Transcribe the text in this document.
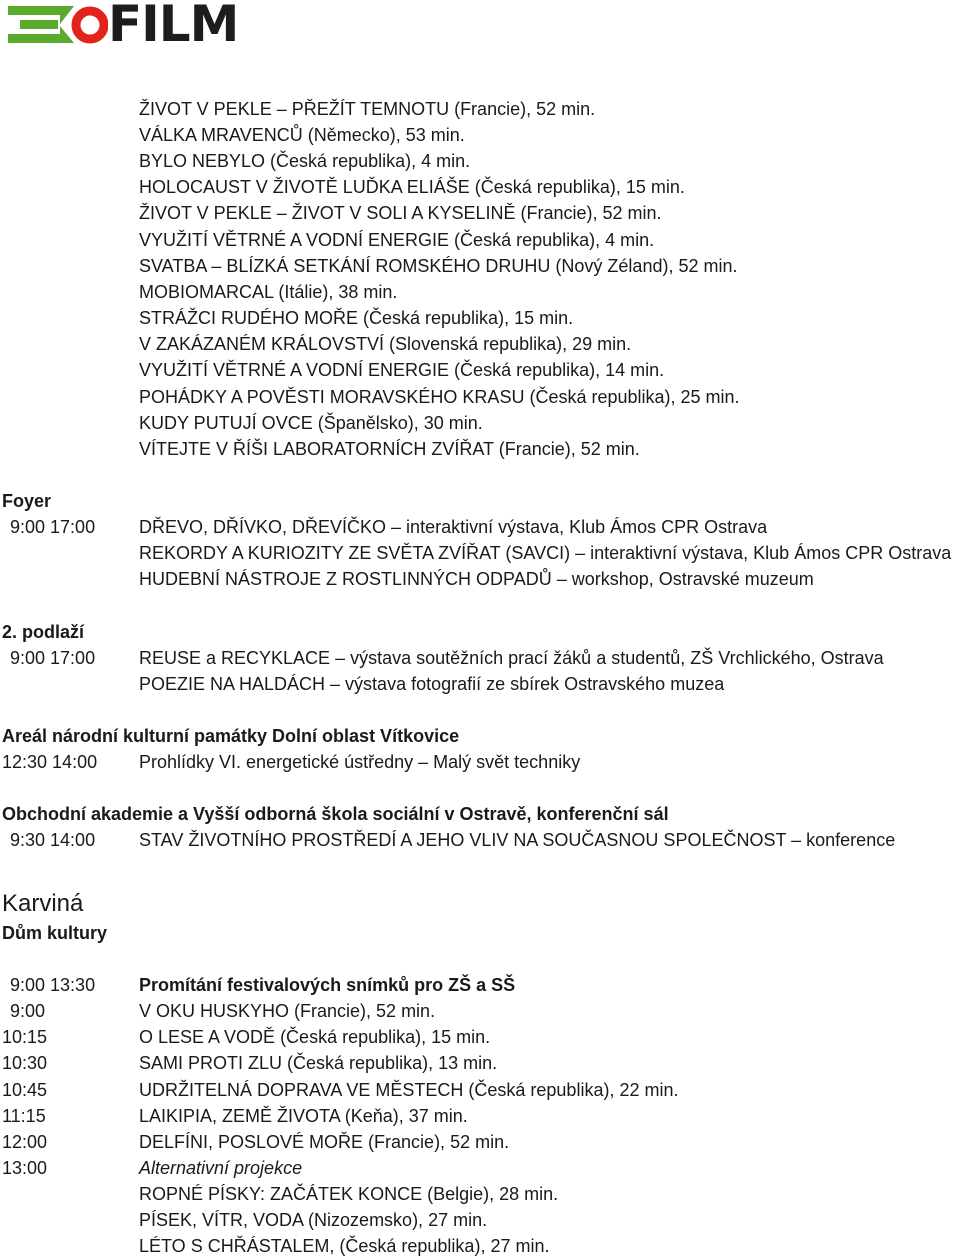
FILM
ŽIVOT V PEKLE – PŘEŽÍT TEMNOTU (Francie), 52 min.
VÁLKA MRAVENCŮ (Německo), 53 min.
BYLO NEBYLO (Česká republika), 4 min.
HOLOCAUST V ŽIVOTĚ LUĎKA ELIÁŠE (Česká republika), 15 min.
ŽIVOT V PEKLE – ŽIVOT V SOLI A KYSELINĚ (Francie), 52 min.
VYUŽITÍ VĚTRNÉ A VODNÍ ENERGIE (Česká republika), 4 min.
SVATBA – BLÍZKÁ SETKÁNÍ ROMSKÉHO DRUHU (Nový Zéland), 52 min.
MOBIOMARCAL (Itálie), 38 min.
STRÁŽCI RUDÉHO MOŘE (Česká republika), 15 min.
V ZAKÁZANÉM KRÁLOVSTVÍ (Slovenská republika), 29 min.
VYUŽITÍ VĚTRNÉ A VODNÍ ENERGIE (Česká republika), 14 min.
POHÁDKY A POVĚSTI MORAVSKÉHO KRASU (Česká republika), 25 min.
KUDY PUTUJÍ OVCE (Španělsko), 30 min.
VÍTEJTE V ŘÍŠI LABORATORNÍCH ZVÍŘAT (Francie), 52 min.
Foyer
9:00 17:00 DŘEVO, DŘÍVKO, DŘEVÍČKO – interaktivní výstava, Klub Ámos CPR Ostrava
REKORDY A KURIOZITY ZE SVĚTA ZVÍŘAT (SAVCI) – interaktivní výstava, Klub Ámos CPR Ostrava
HUDEBNÍ NÁSTROJE Z ROSTLINNÝCH ODPADŮ – workshop, Ostravské muzeum
2. podlaží
9:00 17:00 REUSE a RECYKLACE – výstava soutěžních prací žáků a studentů, ZŠ Vrchlického, Ostrava
POEZIE NA HALDÁCH – výstava fotografií ze sbírek Ostravského muzea
Areál národní kulturní památky Dolní oblast Vítkovice
12:30 14:00 Prohlídky VI. energetické ústředny – Malý svět techniky
Obchodní akademie a Vyšší odborná škola sociální v Ostravě, konferenční sál
9:30 14:00 STAV ŽIVOTNÍHO PROSTŘEDÍ A JEHO VLIV NA SOUČASNOU SPOLEČNOST – konference
Karviná
Dům kultury
9:00 13:30 Promítání festivalových snímků pro ZŠ a SŠ
9:00	V OKU HUSKYHO (Francie), 52 min.
10:15	O LESE A VODĚ (Česká republika), 15 min.
10:30	SAMI PROTI ZLU (Česká republika), 13 min.
10:45	UDRŽITELNÁ DOPRAVA VE MĚSTECH (Česká republika), 22 min.
11:15	LAIKIPIA, ZEMĚ ŽIVOTA (Keňa), 37 min.
12:00	DELFÍNI, POSLOVÉ MOŘE (Francie), 52 min.
13:00	Alternativní projekce
ROPNÉ PÍSKY: ZAČÁTEK KONCE (Belgie), 28 min.
PÍSEK, VÍTR, VODA (Nizozemsko), 27 min.
LÉTO S CHŘÁSTALEM, (Česká republika), 27 min.
